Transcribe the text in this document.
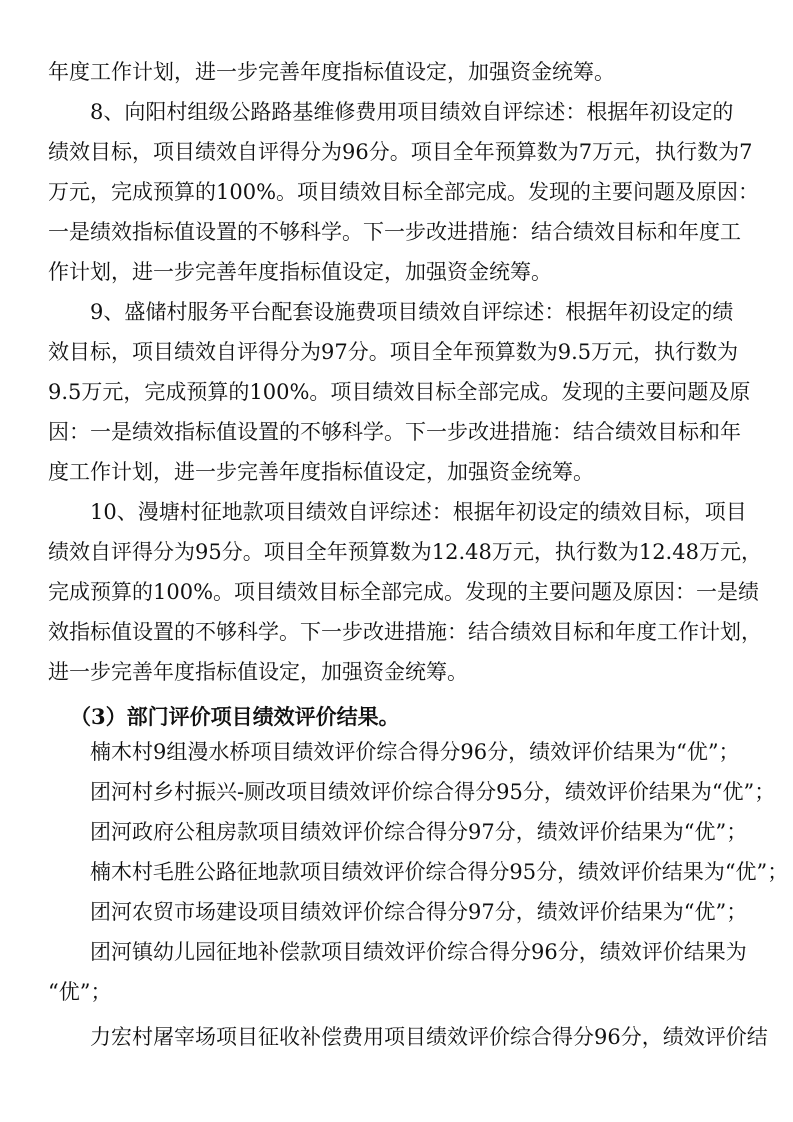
年度工作计划，进一步完善年度指标值设定，加强资金统筹。
8、向阳村组级公路路基维修费用项目绩效自评综述：根据年初设定的
绩效目标，项目绩效自评得分为96分。项目全年预算数为7万元，执行数为7
万元，完成预算的100%。项目绩效目标全部完成。发现的主要问题及原因：
一是绩效指标值设置的不够科学。下一步改进措施：结合绩效目标和年度工
作计划，进一步完善年度指标值设定，加强资金统筹。
9、盛储村服务平台配套设施费项目绩效自评综述：根据年初设定的绩
效目标，项目绩效自评得分为97分。项目全年预算数为9.5万元，执行数为
9.5万元，完成预算的100%。项目绩效目标全部完成。发现的主要问题及原
因：一是绩效指标值设置的不够科学。下一步改进措施：结合绩效目标和年
度工作计划，进一步完善年度指标值设定，加强资金统筹。
10、漫塘村征地款项目绩效自评综述：根据年初设定的绩效目标，项目
绩效自评得分为95分。项目全年预算数为12.48万元，执行数为12.48万元，
完成预算的100%。项目绩效目标全部完成。发现的主要问题及原因：一是绩
效指标值设置的不够科学。下一步改进措施：结合绩效目标和年度工作计划，
进一步完善年度指标值设定，加强资金统筹。
（3）部门评价项目绩效评价结果。
楠木村9组漫水桥项目绩效评价综合得分96分，绩效评价结果为“优”；
团河村乡村振兴-厕改项目绩效评价综合得分95分，绩效评价结果为“优”；
团河政府公租房款项目绩效评价综合得分97分，绩效评价结果为“优”；
楠木村毛胜公路征地款项目绩效评价综合得分95分，绩效评价结果为“优”；
团河农贸市场建设项目绩效评价综合得分97分，绩效评价结果为“优”；
团河镇幼儿园征地补偿款项目绩效评价综合得分96分，绩效评价结果为
“优”；
力宏村屠宰场项目征收补偿费用项目绩效评价综合得分96分，绩效评价结
